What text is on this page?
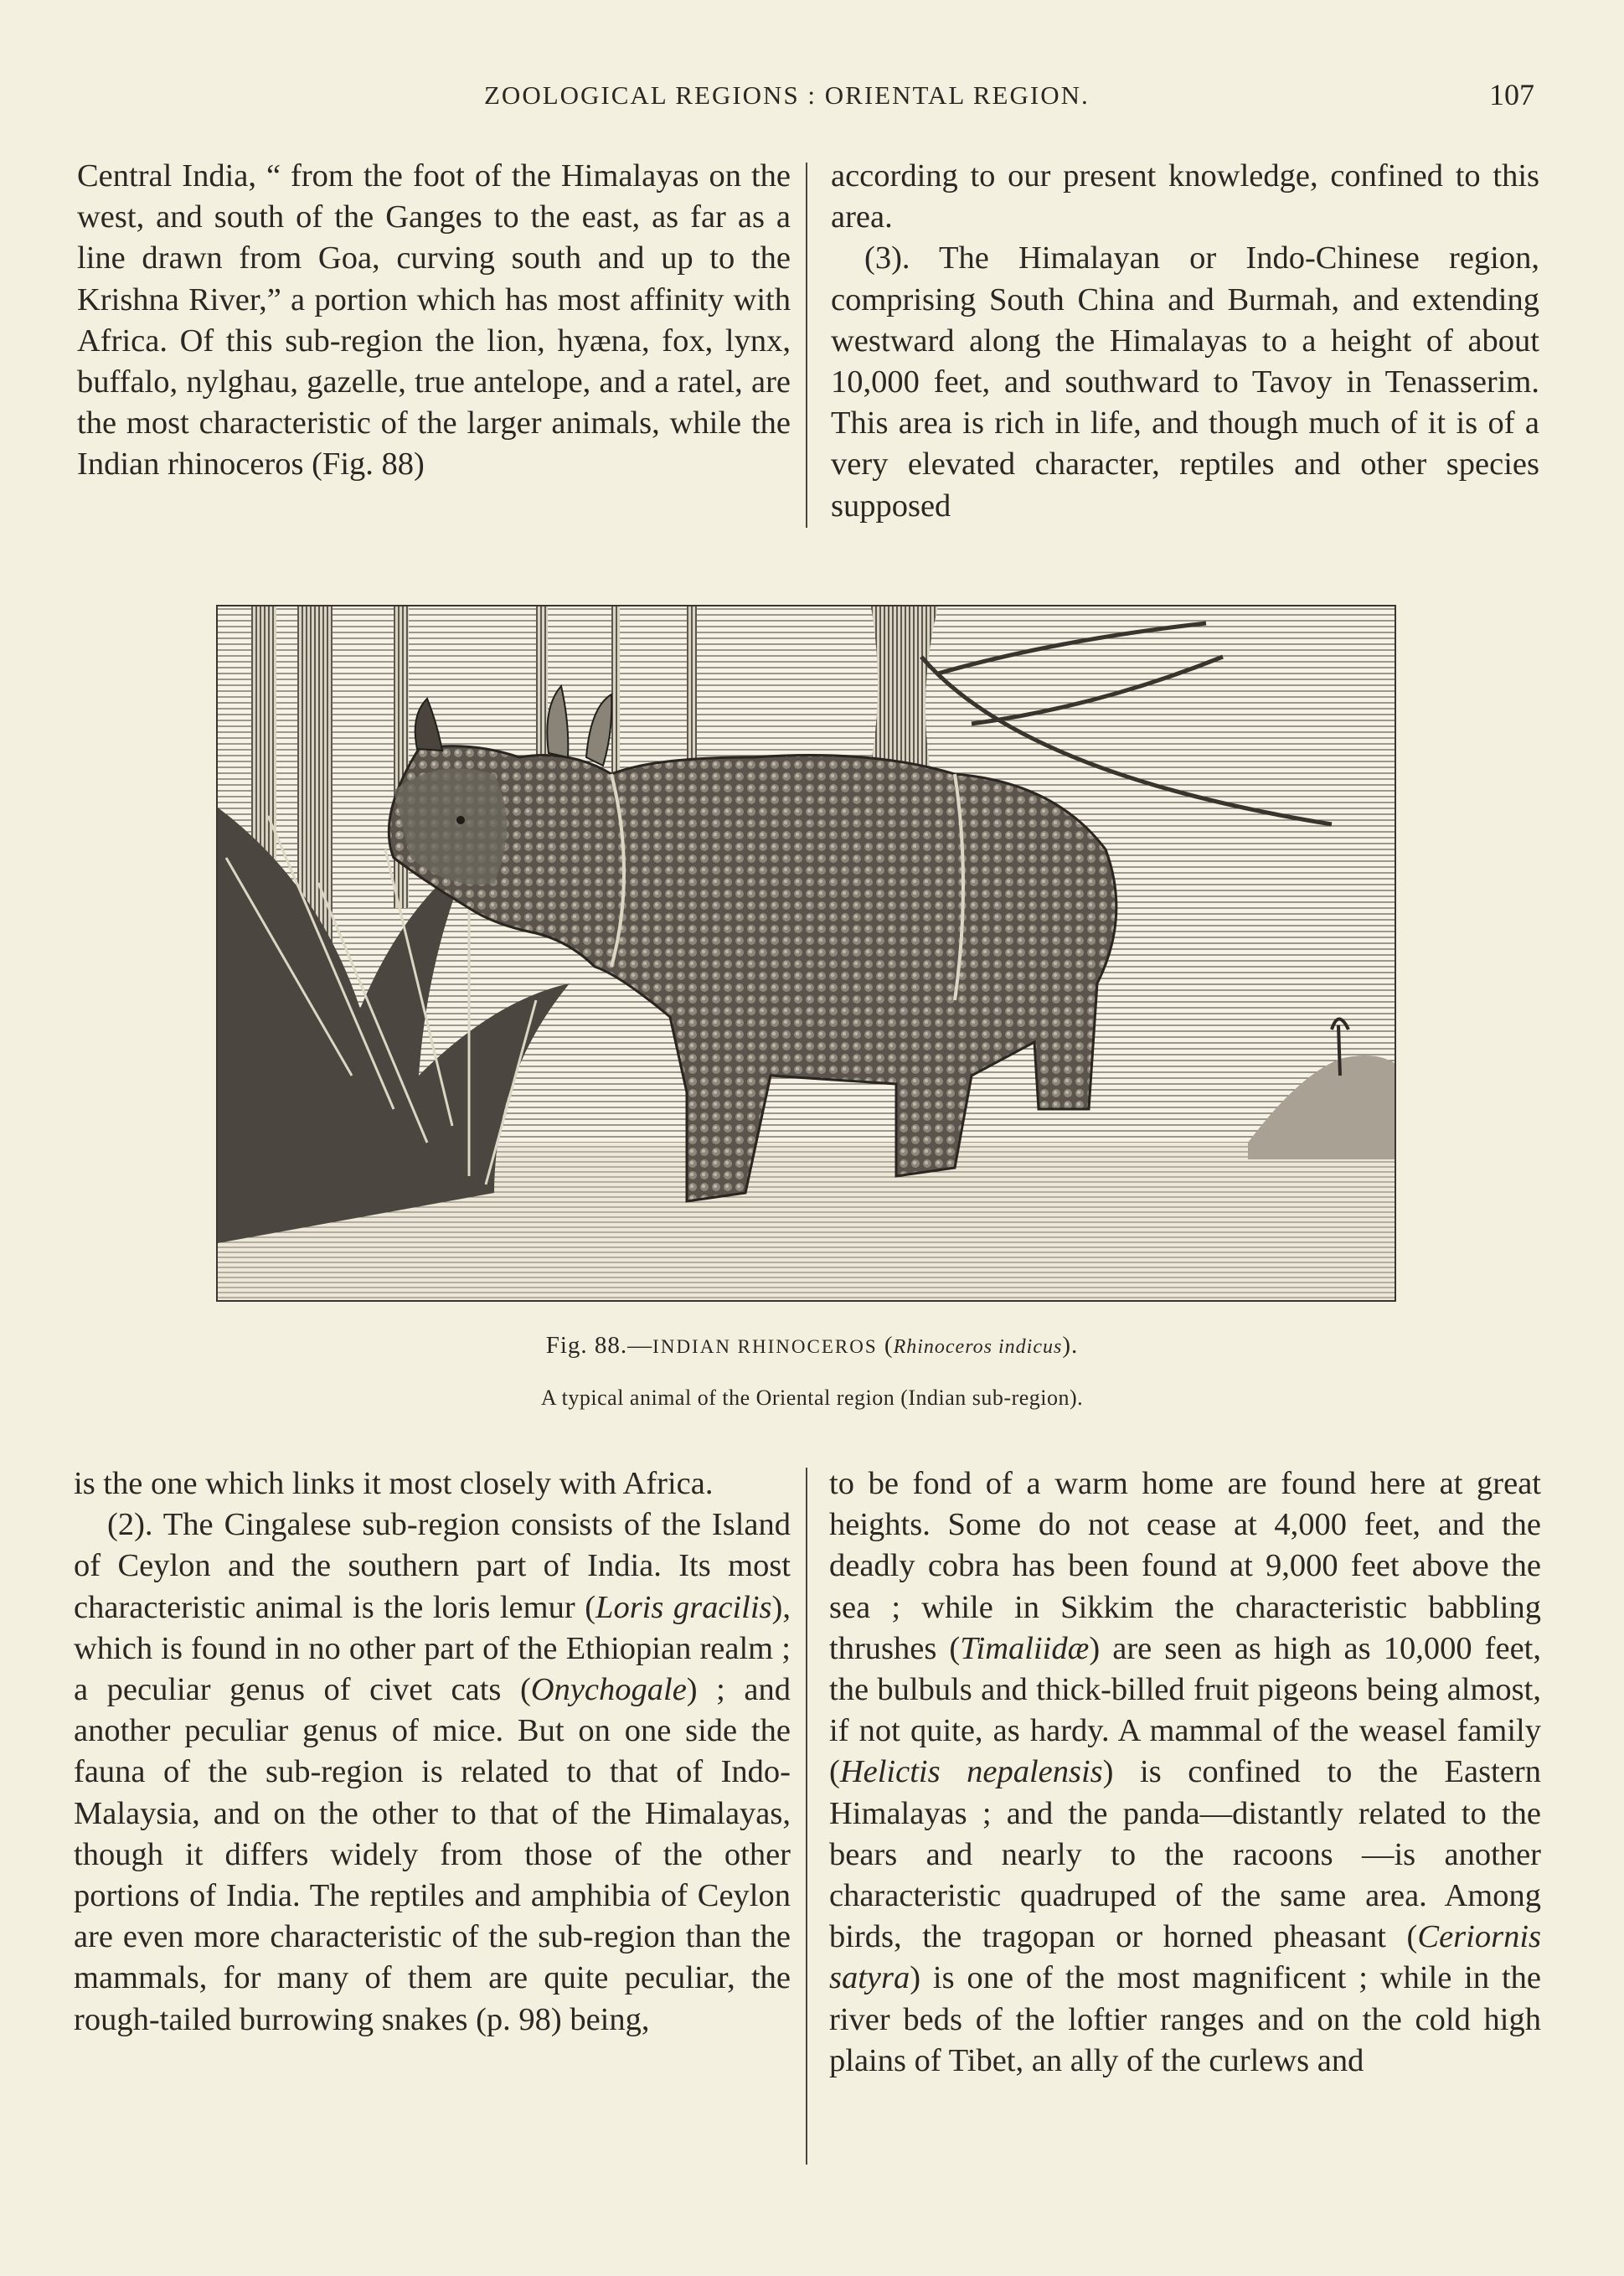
ZOOLOGICAL REGIONS : ORIENTAL REGION.	107

Central India, “ from the foot of the Himalayas on the west, and south of the Ganges to the east, as far as a line drawn from Goa, curving south and up to the Krishna River,” a portion which has most affinity with Africa. Of this sub-region the lion, hyæna, fox, lynx, buffalo, nylghau, gazelle, true antelope, and a ratel, are the most characteristic of the larger animals, while the Indian rhinoceros (Fig. 88)

according to our present knowledge, confined to this area.

(3). The Himalayan or Indo-Chinese region, comprising South China and Burmah, and extending westward along the Himalayas to a height of about 10,000 feet, and southward to Tavoy in Tenasserim. This area is rich in life, and though much of it is of a very elevated character, reptiles and other species supposed

Fig. 88.—INDIAN RHINOCEROS (Rhinoceros indicus).
A typical animal of the Oriental region (Indian sub-region).

is the one which links it most closely with Africa.

(2). The Cingalese sub-region consists of the Island of Ceylon and the southern part of India. Its most characteristic animal is the loris lemur (Loris gracilis), which is found in no other part of the Ethiopian realm ; a peculiar genus of civet cats (Onychogale) ; and another peculiar genus of mice. But on one side the fauna of the sub-region is related to that of Indo-Malaysia, and on the other to that of the Himalayas, though it differs widely from those of the other portions of India. The reptiles and amphibia of Ceylon are even more characteristic of the sub-region than the mammals, for many of them are quite peculiar, the rough-tailed burrowing snakes (p. 98) being,

to be fond of a warm home are found here at great heights. Some do not cease at 4,000 feet, and the deadly cobra has been found at 9,000 feet above the sea ; while in Sikkim the characteristic babbling thrushes (Timaliidæ) are seen as high as 10,000 feet, the bulbuls and thick-billed fruit pigeons being almost, if not quite, as hardy. A mammal of the weasel family (Helictis nepalensis) is confined to the Eastern Himalayas ; and the panda—distantly related to the bears and nearly to the racoons —is another characteristic quadruped of the same area. Among birds, the tragopan or horned pheasant (Ceriornis satyra) is one of the most magnificent ; while in the river beds of the loftier ranges and on the cold high plains of Tibet, an ally of the curlews and
